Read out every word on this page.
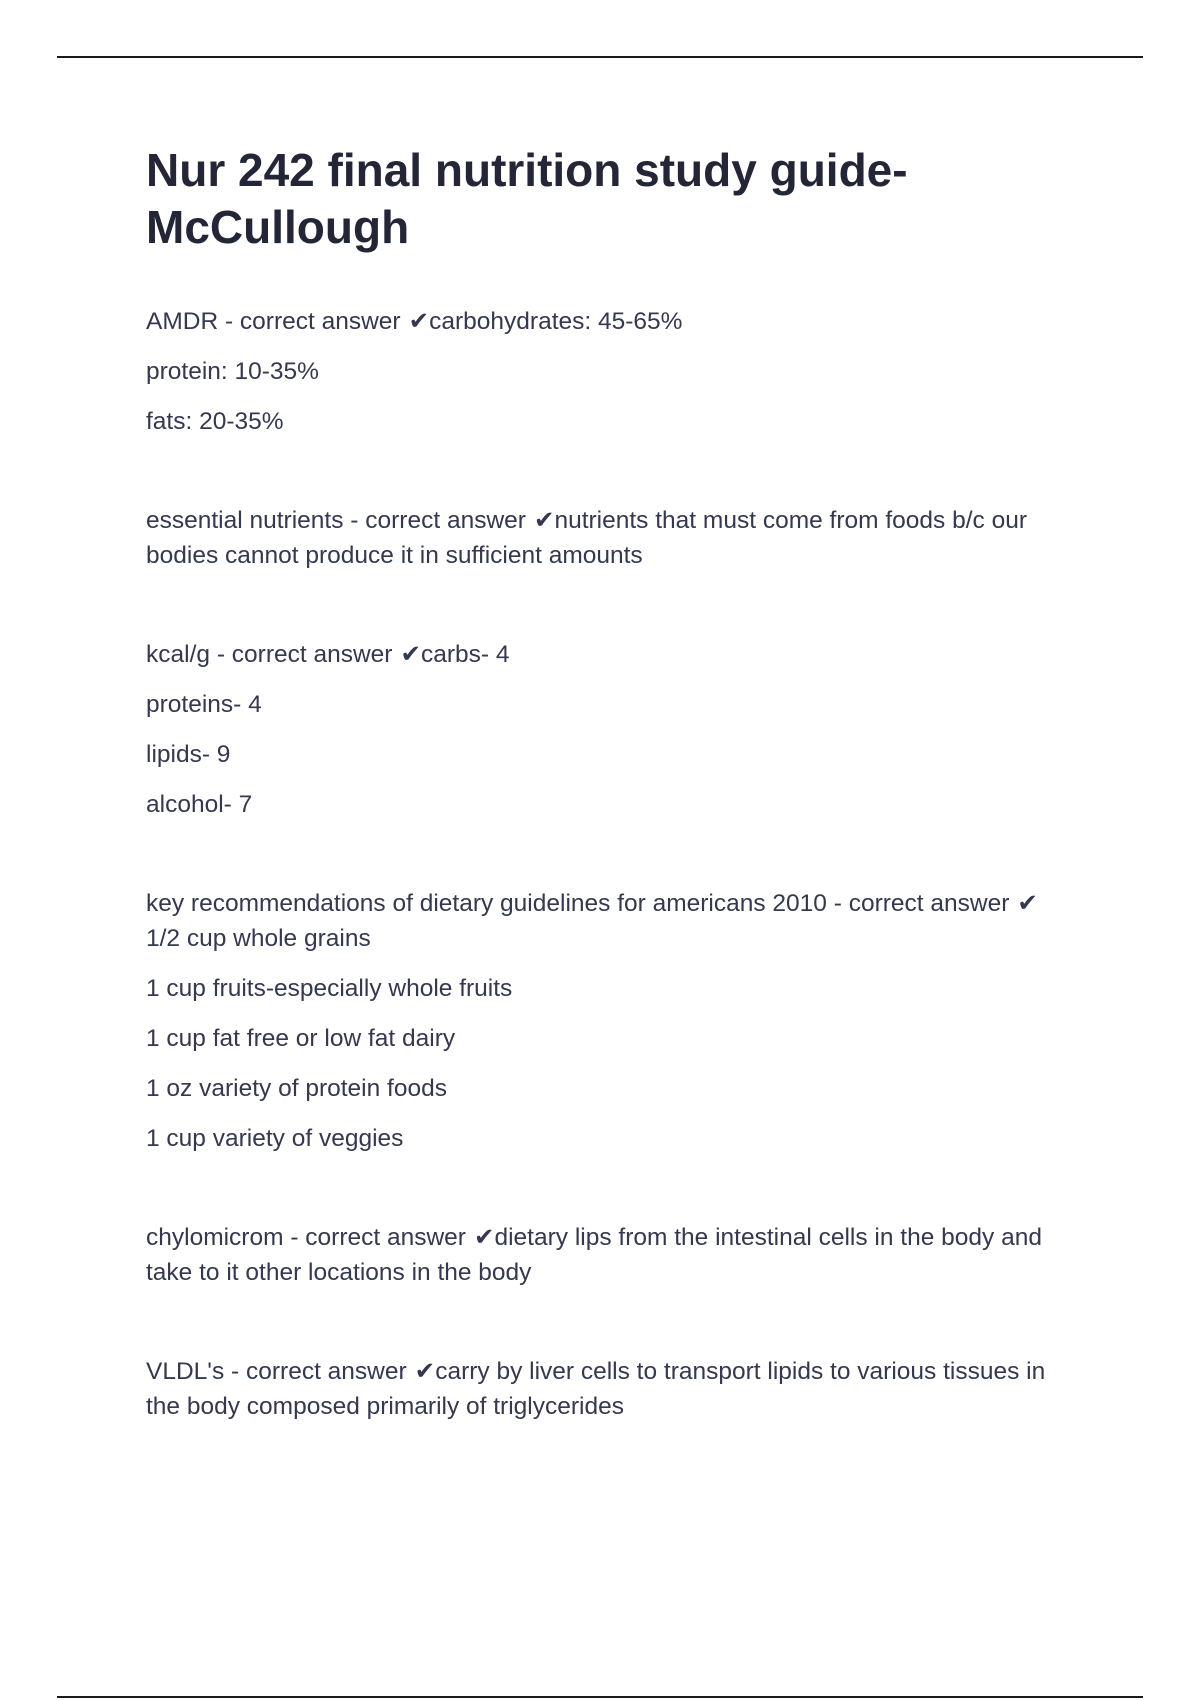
Nur 242 final nutrition study guide- McCullough
AMDR - correct answer ✔carbohydrates: 45-65%
protein: 10-35%
fats: 20-35%
essential nutrients - correct answer ✔nutrients that must come from foods b/c our bodies cannot produce it in sufficient amounts
kcal/g - correct answer ✔carbs- 4
proteins- 4
lipids- 9
alcohol- 7
key recommendations of dietary guidelines for americans 2010 - correct answer ✔1/2 cup whole grains
1 cup fruits-especially whole fruits
1 cup fat free or low fat dairy
1 oz variety of protein foods
1 cup variety of veggies
chylomicrom - correct answer ✔dietary lips from the intestinal cells in the body and take to it other locations in the body
VLDL's - correct answer ✔carry by liver cells to transport lipids to various tissues in the body composed primarily of triglycerides
